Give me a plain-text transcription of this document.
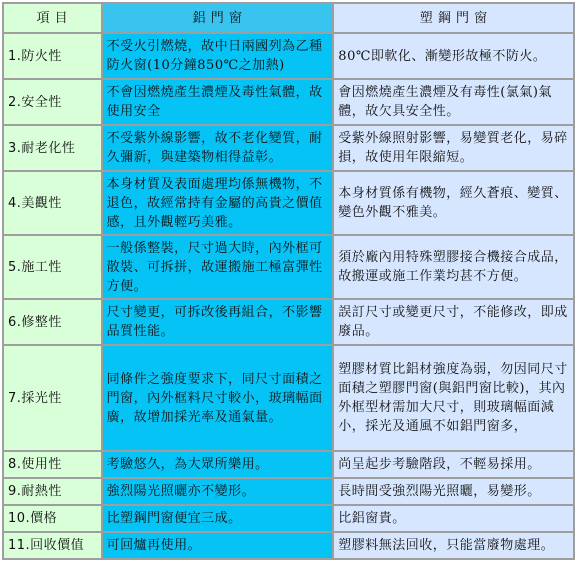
項 目	鋁 門 窗	塑 鋼 門 窗
1.防火性	不受火引燃燒，故中日兩國列為乙種防火窗(10分鐘850℃之加熱)	80℃即軟化、漸變形故極不防火。
2.安全性	不會因燃燒產生濃煙及毒性氣體，故使用安全	會因燃燒產生濃煙及有毒性(氯氣)氣體，故欠具安全性。
3.耐老化性	不受紫外線影響，故不老化變質，耐久彌新，與建築物相得益彰。	受紫外線照射影響，易變質老化，易碎損，故使用年限縮短。
4.美觀性	本身材質及表面處理均係無機物，不退色，故經常持有金屬的高貴之價值感，且外觀輕巧美雅。	本身材質係有機物，經久蒼痕、變質、變色外觀不雅美。
5.施工性	一般係整裝，尺寸過大時，內外框可散裝、可拆拼，故運搬施工極富彈性方便。	須於廠內用特殊塑膠接合機接合成品，故搬運或施工作業均甚不方便。
6.修整性	尺寸變更，可拆改後再組合，不影響品質性能。	誤訂尺寸或變更尺寸，不能修改，即成廢品。
7.採光性	同條件之強度要求下，同尺寸面積之門窗，內外框料尺寸較小，玻璃幅面廣，故增加採光率及通氣量。	塑膠材質比鋁材強度為弱，勿因同尺寸面積之塑膠門窗(與鋁門窗比較)，其內外框型材需加大尺寸，則玻璃幅面減小，採光及通風不如鋁門窗多，
8.使用性	考驗悠久，為大眾所樂用。	尚呈起步考驗階段，不輕易採用。
9.耐熱性	強烈陽光照曬亦不變形。	長時間受強烈陽光照曬，易變形。
10.價格	比塑鋼門窗便宜三成。	比鋁窗貴。
11.回收價值	可回爐再使用。	塑膠料無法回收，只能當廢物處理。
